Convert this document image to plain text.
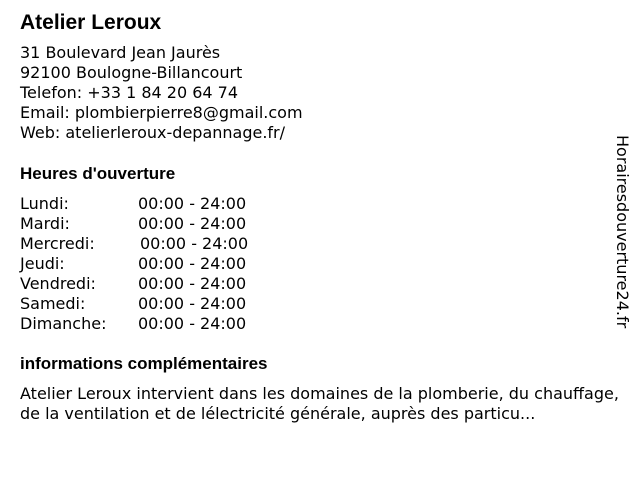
Atelier Leroux
31 Boulevard Jean Jaurès
92100 Boulogne-Billancourt
Telefon: +33 1 84 20 64 74
Email: plombierpierre8@gmail.com
Web: atelierleroux-depannage.fr/
Heures d'ouverture
Lundi:	00:00 - 24:00
Mardi:	00:00 - 24:00
Mercredi:	00:00 - 24:00
Jeudi:	00:00 - 24:00
Vendredi:	00:00 - 24:00
Samedi:	00:00 - 24:00
Dimanche: 00:00 - 24:00
informations complémentaires

Atelier Leroux intervient dans les domaines de la plomberie, du chauffage, de la ventilation et de lélectricité générale, auprès des particu...

Horairesdouverture24.fr
